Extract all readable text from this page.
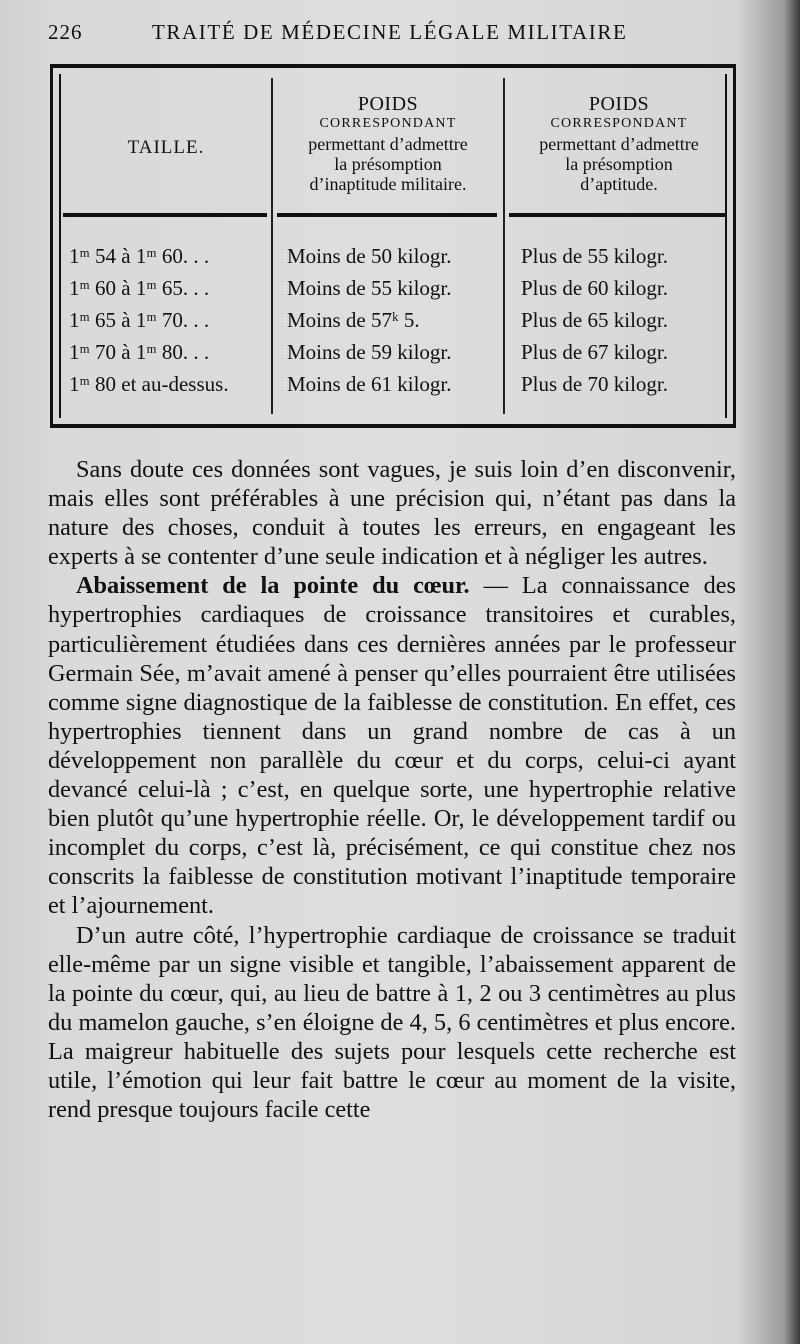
226	TRAITÉ DE MÉDECINE LÉGALE MILITAIRE
TAILLE.
POIDS
CORRESPONDANT
permettant d’admettre
la présomption
d’inaptitude militaire.
POIDS
CORRESPONDANT
permettant d’admettre
la présomption
d’aptitude.
1ᵐ 54 à 1ᵐ 60. . .	Moins de 50 kilogr.	Plus de 55 kilogr.
1ᵐ 60 à 1ᵐ 65. . .	Moins de 55 kilogr.	Plus de 60 kilogr.
1ᵐ 65 à 1ᵐ 70. . .	Moins de 57ᵏ 5.	Plus de 65 kilogr.
1ᵐ 70 à 1ᵐ 80. . .	Moins de 59 kilogr.	Plus de 67 kilogr.
1ᵐ 80 et au-dessus.	Moins de 61 kilogr.	Plus de 70 kilogr.

Sans doute ces données sont vagues, je suis loin d’en disconvenir, mais elles sont préférables à une précision qui, n’étant pas dans la nature des choses, conduit à toutes les erreurs, en engageant les experts à se contenter d’une seule indication et à négliger les autres.

Abaissement de la pointe du cœur. — La connaissance des hypertrophies cardiaques de croissance transitoires et curables, particulièrement étudiées dans ces dernières années par le professeur Germain Sée, m’avait amené à penser qu’elles pourraient être utilisées comme signe diagnostique de la faiblesse de constitution. En effet, ces hypertrophies tiennent dans un grand nombre de cas à un développement non parallèle du cœur et du corps, celui-ci ayant devancé celui-là ; c’est, en quelque sorte, une hypertrophie relative bien plutôt qu’une hypertrophie réelle. Or, le développement tardif ou incomplet du corps, c’est là, précisément, ce qui constitue chez nos conscrits la faiblesse de constitution motivant l’inaptitude temporaire et l’ajournement.

D’un autre côté, l’hypertrophie cardiaque de croissance se traduit elle-même par un signe visible et tangible, l’abaissement apparent de la pointe du cœur, qui, au lieu de battre à 1, 2 ou 3 centimètres au plus du mamelon gauche, s’en éloigne de 4, 5, 6 centimètres et plus encore. La maigreur habituelle des sujets pour lesquels cette recherche est utile, l’émotion qui leur fait battre le cœur au moment de la visite, rend presque toujours facile cette
